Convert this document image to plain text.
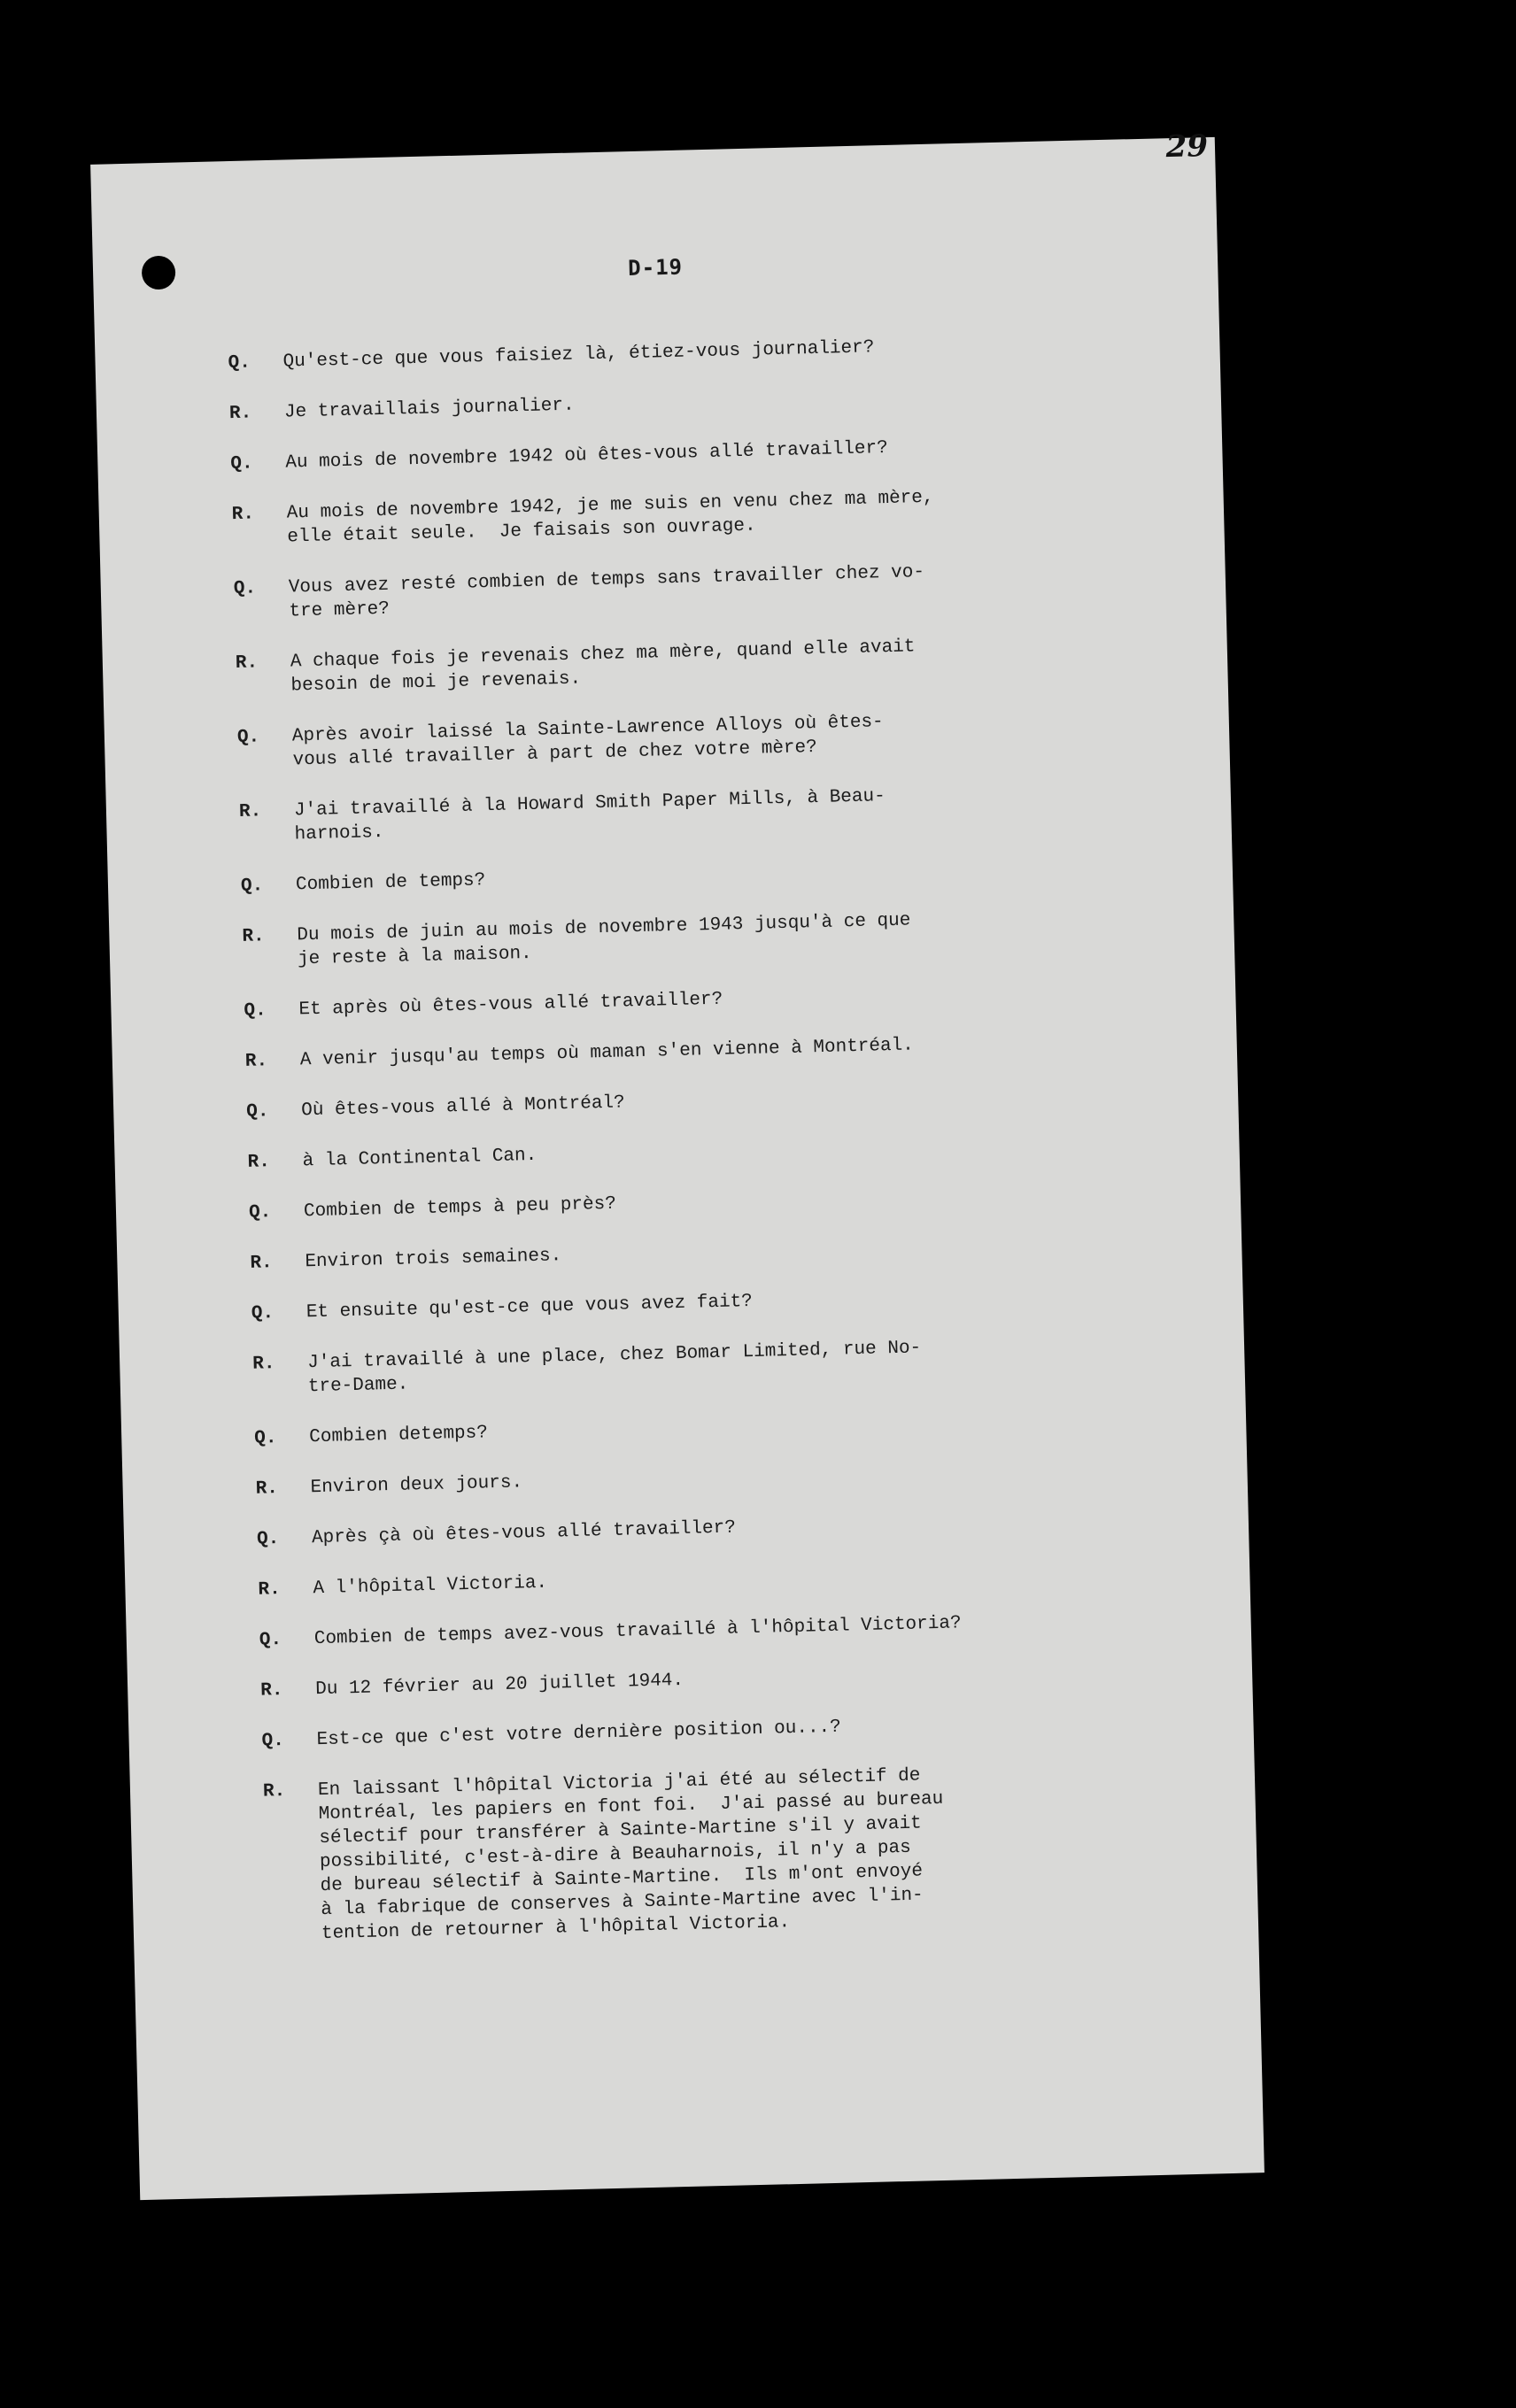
29
D-19
Q.	Qu'est-ce que vous faisiez là, étiez-vous journalier?
R.	Je travaillais journalier.
Q.	Au mois de novembre 1942 où êtes-vous allé travailler?
R.	Au mois de novembre 1942, je me suis en venu chez ma mère,
elle était seule.  Je faisais son ouvrage.
Q.	Vous avez resté combien de temps sans travailler chez vo-
tre mère?
R.	A chaque fois je revenais chez ma mère, quand elle avait
besoin de moi je revenais.
Q.	Après avoir laissé la Sainte-Lawrence Alloys où êtes-
vous allé travailler à part de chez votre mère?
R.	J'ai travaillé à la Howard Smith Paper Mills, à Beau-
harnois.
Q.	Combien de temps?
R.	Du mois de juin au mois de novembre 1943 jusqu'à ce que
je reste à la maison.
Q.	Et après où êtes-vous allé travailler?
R.	A venir jusqu'au temps où maman s'en vienne à Montréal.
Q.	Où êtes-vous allé à Montréal?
R.	à la Continental Can.
Q.	Combien de temps à peu près?
R.	Environ trois semaines.
Q.	Et ensuite qu'est-ce que vous avez fait?
R.	J'ai travaillé à une place, chez Bomar Limited, rue No-
tre-Dame.
Q.	Combien detemps?
R.	Environ deux jours.
Q.	Après çà où êtes-vous allé travailler?
R.	A l'hôpital Victoria.
Q.	Combien de temps avez-vous travaillé à l'hôpital Victoria?
R.	Du 12 février au 20 juillet 1944.
Q.	Est-ce que c'est votre dernière position ou...?
R.	En laissant l'hôpital Victoria j'ai été au sélectif de
Montréal, les papiers en font foi.  J'ai passé au bureau
sélectif pour transférer à Sainte-Martine s'il y avait
possibilité, c'est-à-dire à Beauharnois, il n'y a pas
de bureau sélectif à Sainte-Martine.  Ils m'ont envoyé
à la fabrique de conserves à Sainte-Martine avec l'in-
tention de retourner à l'hôpital Victoria.
